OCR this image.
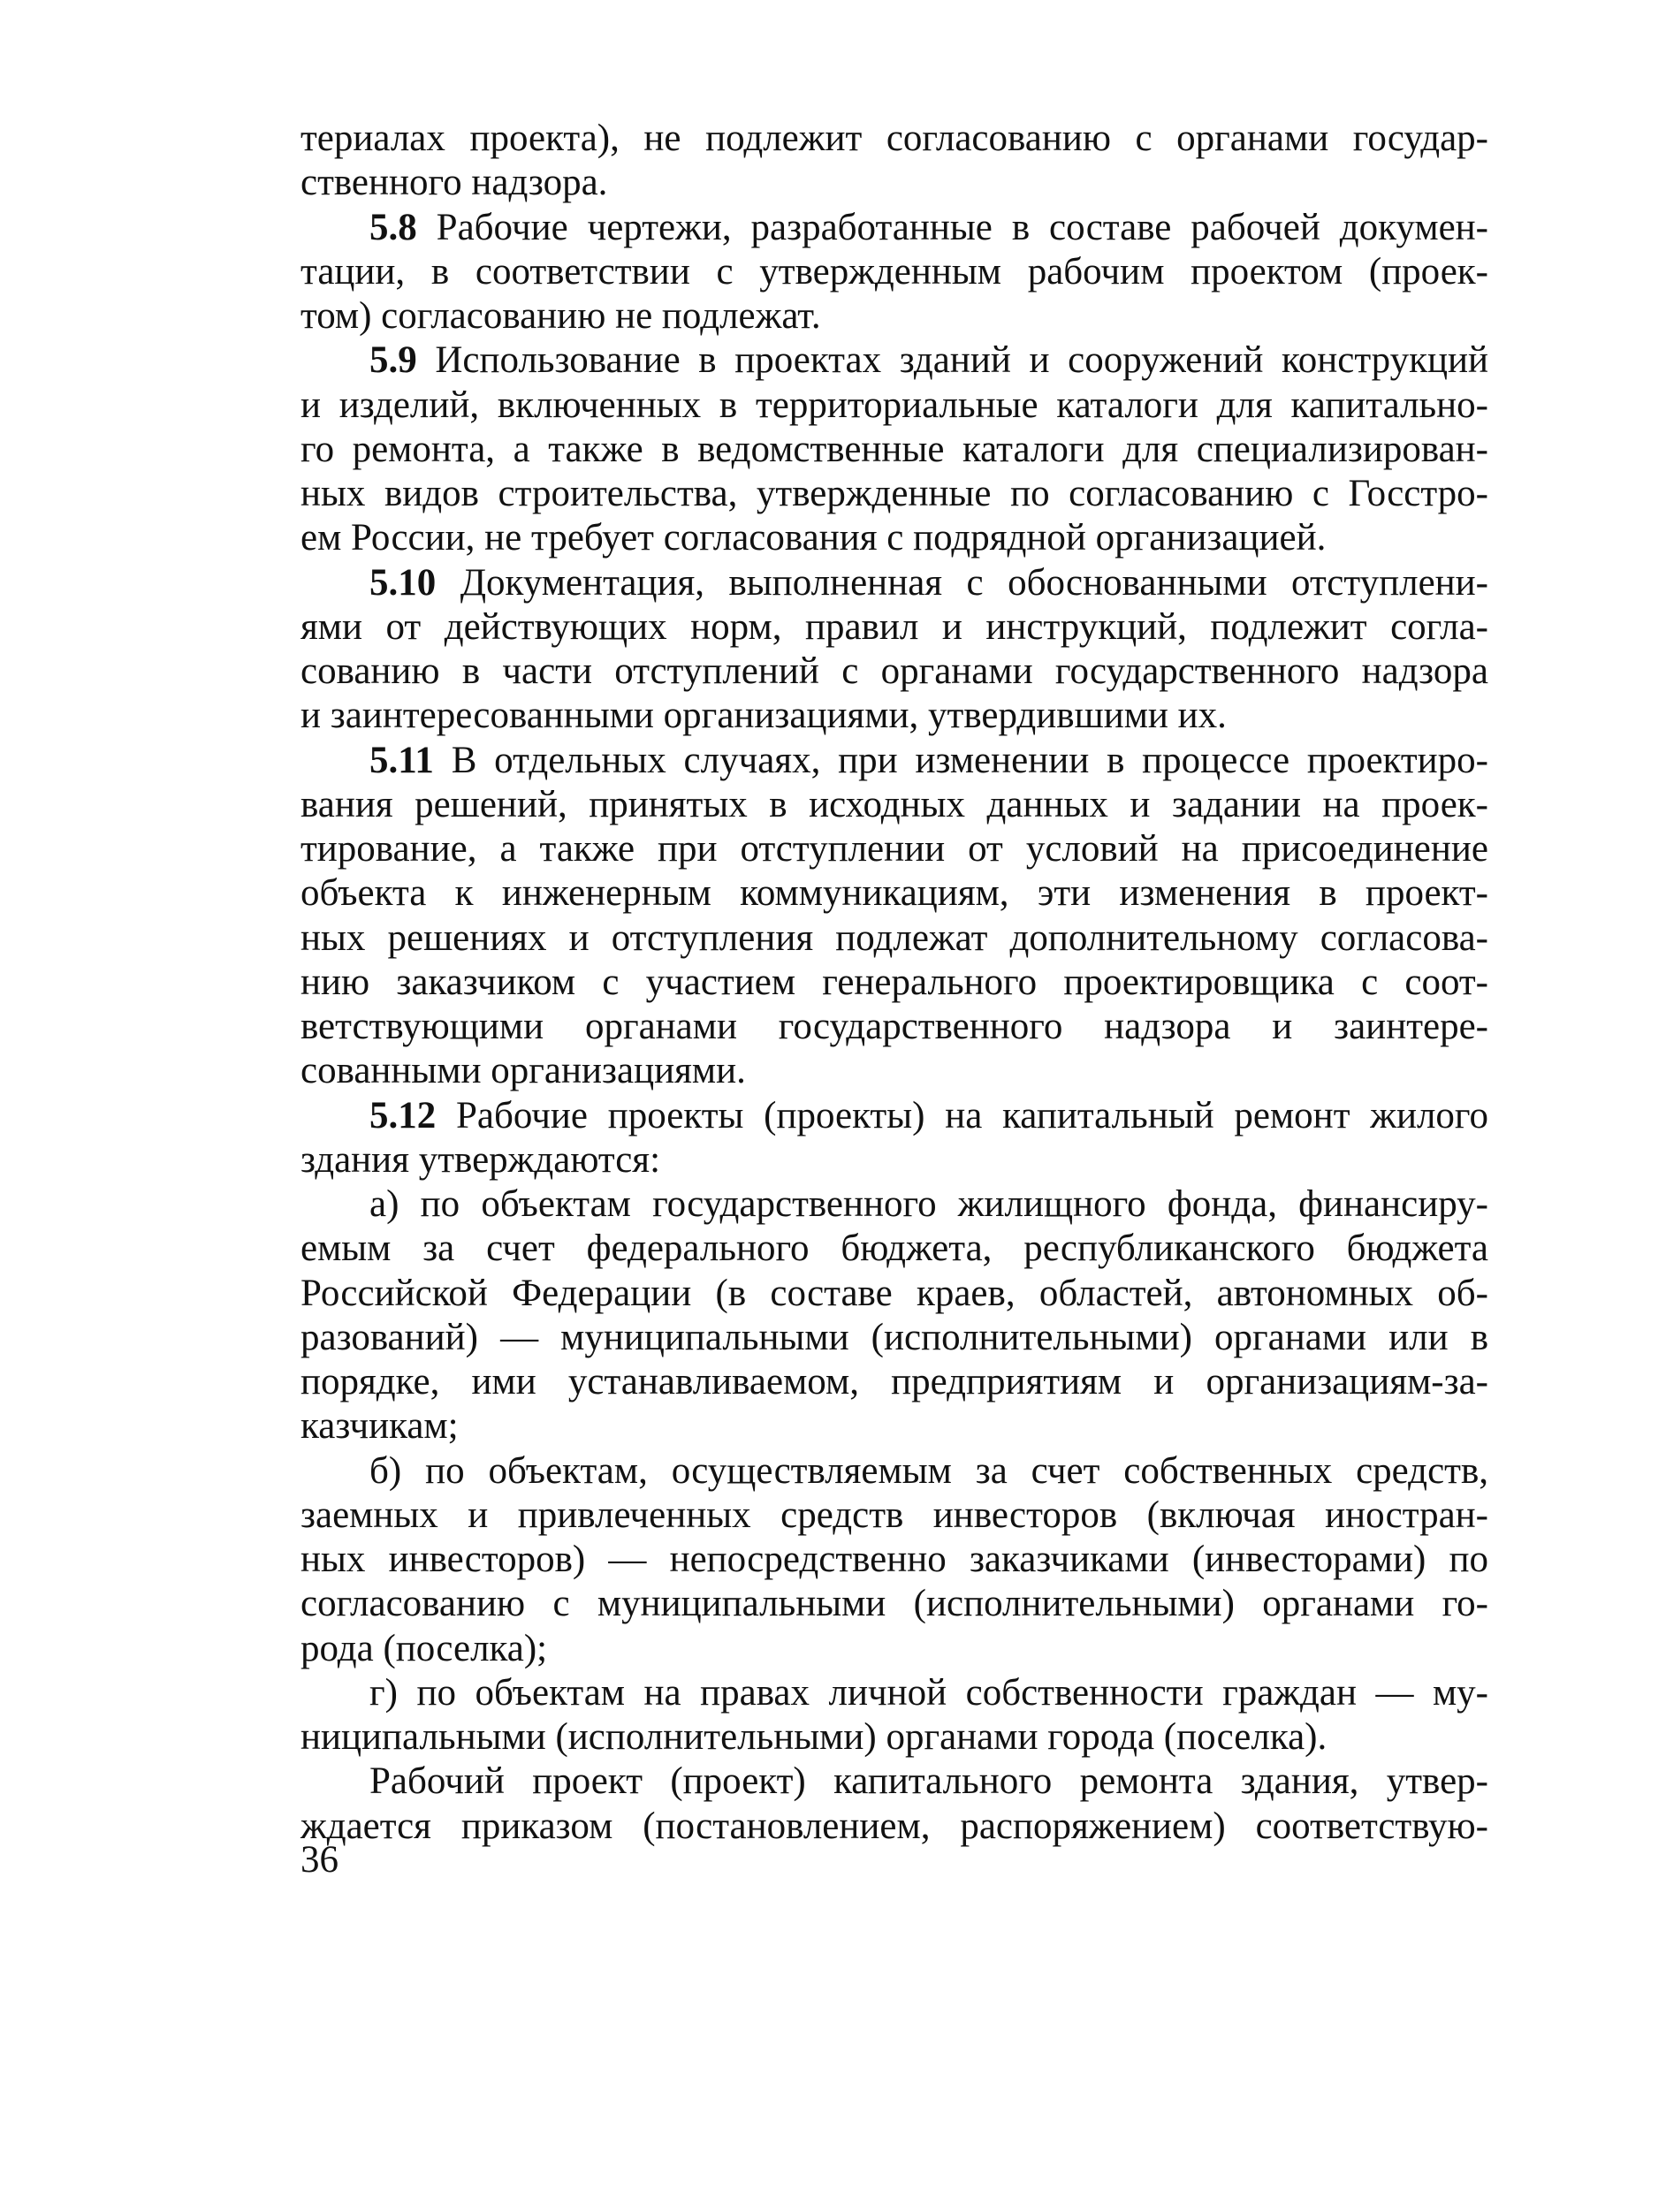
териалах проекта), не подлежит согласованию с органами государ-
ственного надзора.
5.8 Рабочие чертежи, разработанные в составе рабочей докумен-
тации, в соответствии с утвержденным рабочим проектом (проек-
том) согласованию не подлежат.
5.9 Использование в проектах зданий и сооружений конструкций
и изделий, включенных в территориальные каталоги для капитально-
го ремонта, а также в ведомственные каталоги для специализирован-
ных видов строительства, утвержденные по согласованию с Госстро-
ем России, не требует согласования с подрядной организацией.
5.10 Документация, выполненная с обоснованными отступлени-
ями от действующих норм, правил и инструкций, подлежит согла-
сованию в части отступлений с органами государственного надзора
и заинтересованными организациями, утвердившими их.
5.11 В отдельных случаях, при изменении в процессе проектиро-
вания решений, принятых в исходных данных и задании на проек-
тирование, а также при отступлении от условий на присоединение
объекта к инженерным коммуникациям, эти изменения в проект-
ных решениях и отступления подлежат дополнительному согласова-
нию заказчиком с участием генерального проектировщика с соот-
ветствующими органами государственного надзора и заинтере-
сованными организациями.
5.12 Рабочие проекты (проекты) на капитальный ремонт жилого
здания утверждаются:
а) по объектам государственного жилищного фонда, финансиру-
емым за счет федерального бюджета, республиканского бюджета
Российской Федерации (в составе краев, областей, автономных об-
разований) — муниципальными (исполнительными) органами или в
порядке, ими устанавливаемом, предприятиям и организациям-за-
казчикам;
б) по объектам, осуществляемым за счет собственных средств,
заемных и привлеченных средств инвесторов (включая иностран-
ных инвесторов) — непосредственно заказчиками (инвесторами) по
согласованию с муниципальными (исполнительными) органами го-
рода (поселка);
г) по объектам на правах личной собственности граждан — му-
ниципальными (исполнительными) органами города (поселка).
Рабочий проект (проект) капитального ремонта здания, утвер-
ждается приказом (постановлением, распоряжением) соответствую-
36
